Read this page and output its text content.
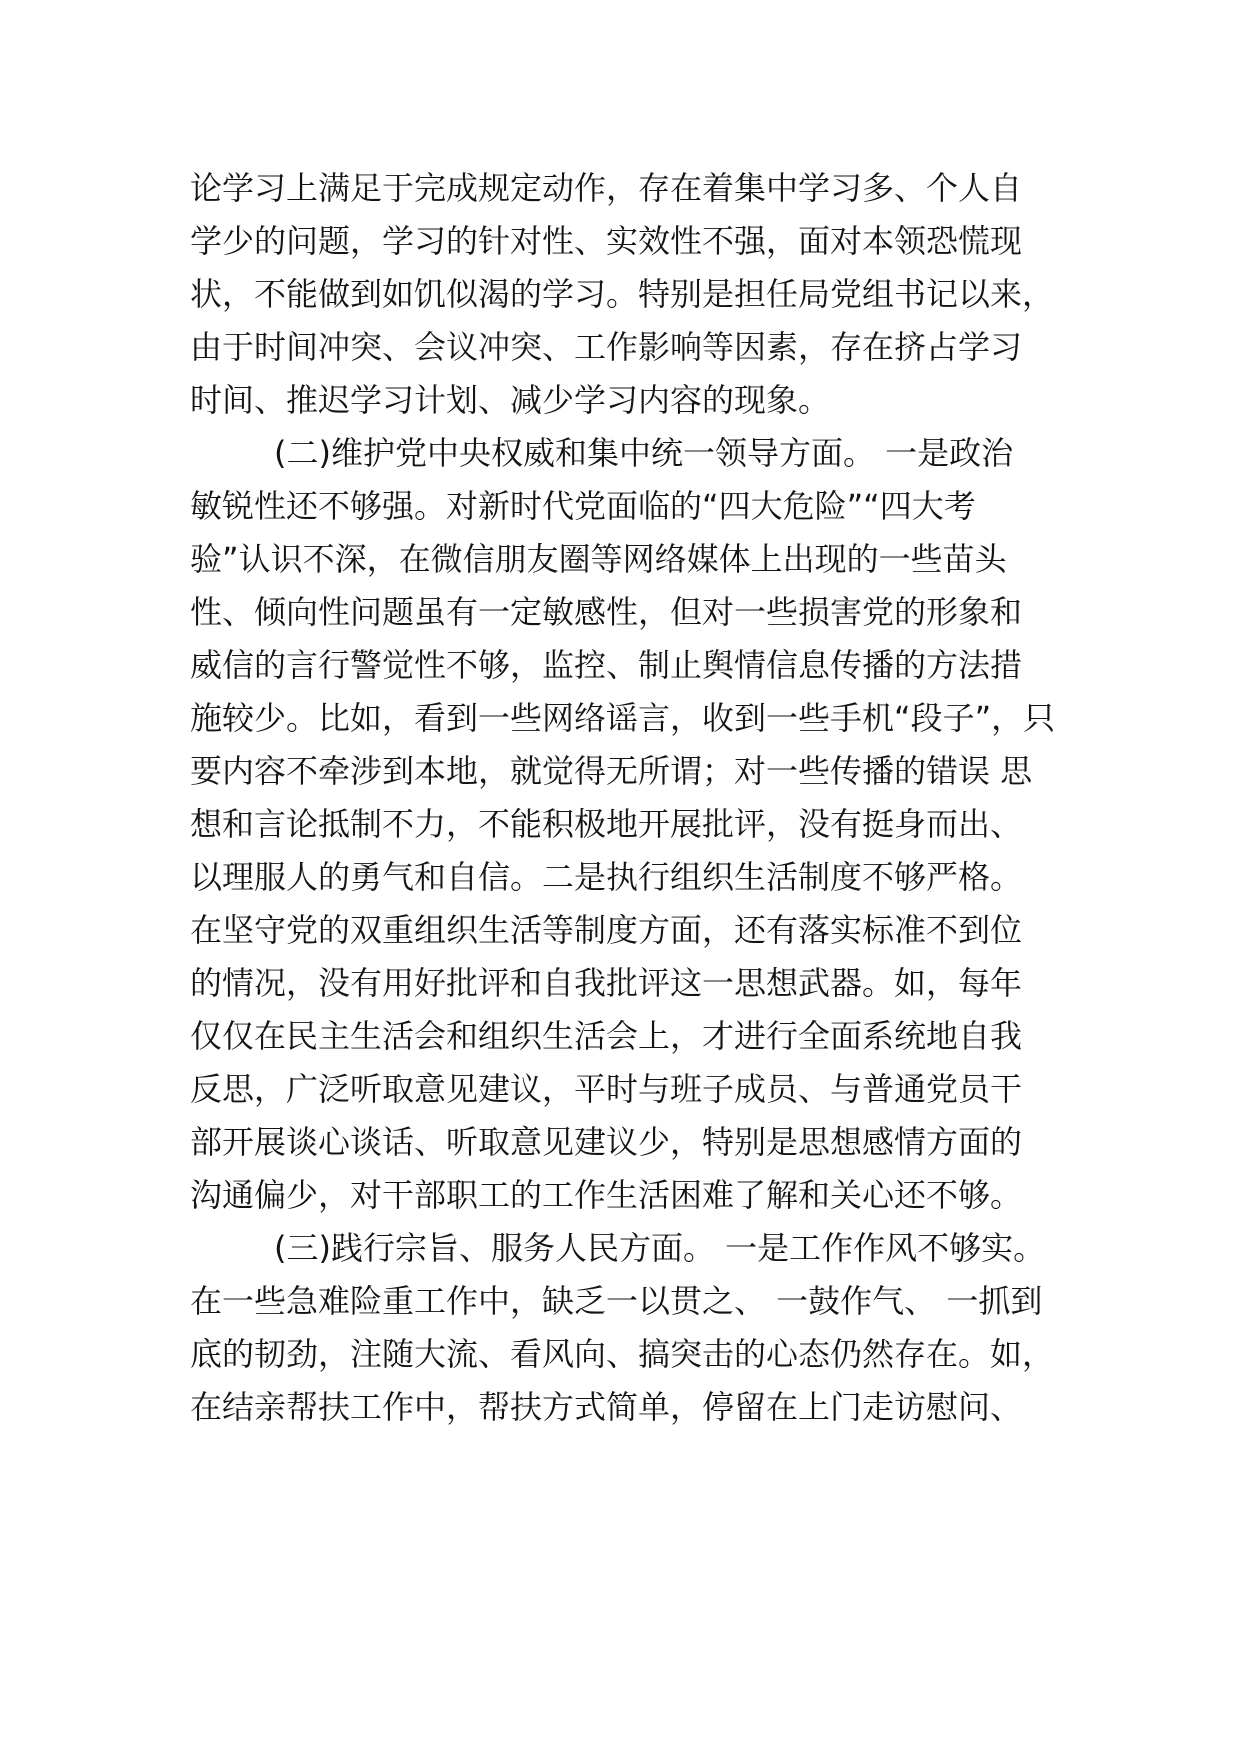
论学习上满足于完成规定动作，存在着集中学习多、个人自
学少的问题，学习的针对性、实效性不强，面对本领恐慌现
状，不能做到如饥似渴的学习。特别是担任局党组书记以来，
由于时间冲突、会议冲突、工作影响等因素，存在挤占学习
时间、推迟学习计划、减少学习内容的现象。
(二)维护党中央权威和集中统一领导方面。 一是政治
敏锐性还不够强。对新时代党面临的“四大危险”“四大考
验”认识不深，在微信朋友圈等网络媒体上出现的一些苗头
性、倾向性问题虽有一定敏感性，但对一些损害党的形象和
威信的言行警觉性不够，监控、制止舆情信息传播的方法措
施较少。比如，看到一些网络谣言，收到一些手机“段子”，只
要内容不牵涉到本地，就觉得无所谓；对一些传播的错误 思
想和言论抵制不力，不能积极地开展批评，没有挺身而出、
以理服人的勇气和自信。二是执行组织生活制度不够严格。
在坚守党的双重组织生活等制度方面，还有落实标准不到位
的情况，没有用好批评和自我批评这一思想武器。如，每年
仅仅在民主生活会和组织生活会上，才进行全面系统地自我
反思，广泛听取意见建议，平时与班子成员、与普通党员干
部开展谈心谈话、听取意见建议少，特别是思想感情方面的
沟通偏少，对干部职工的工作生活困难了解和关心还不够。
(三)践行宗旨、服务人民方面。 一是工作作风不够实。
在一些急难险重工作中，缺乏一以贯之、 一鼓作气、 一抓到
底的韧劲，注随大流、看风向、搞突击的心态仍然存在。如，
在结亲帮扶工作中，帮扶方式简单，停留在上门走访慰问、
